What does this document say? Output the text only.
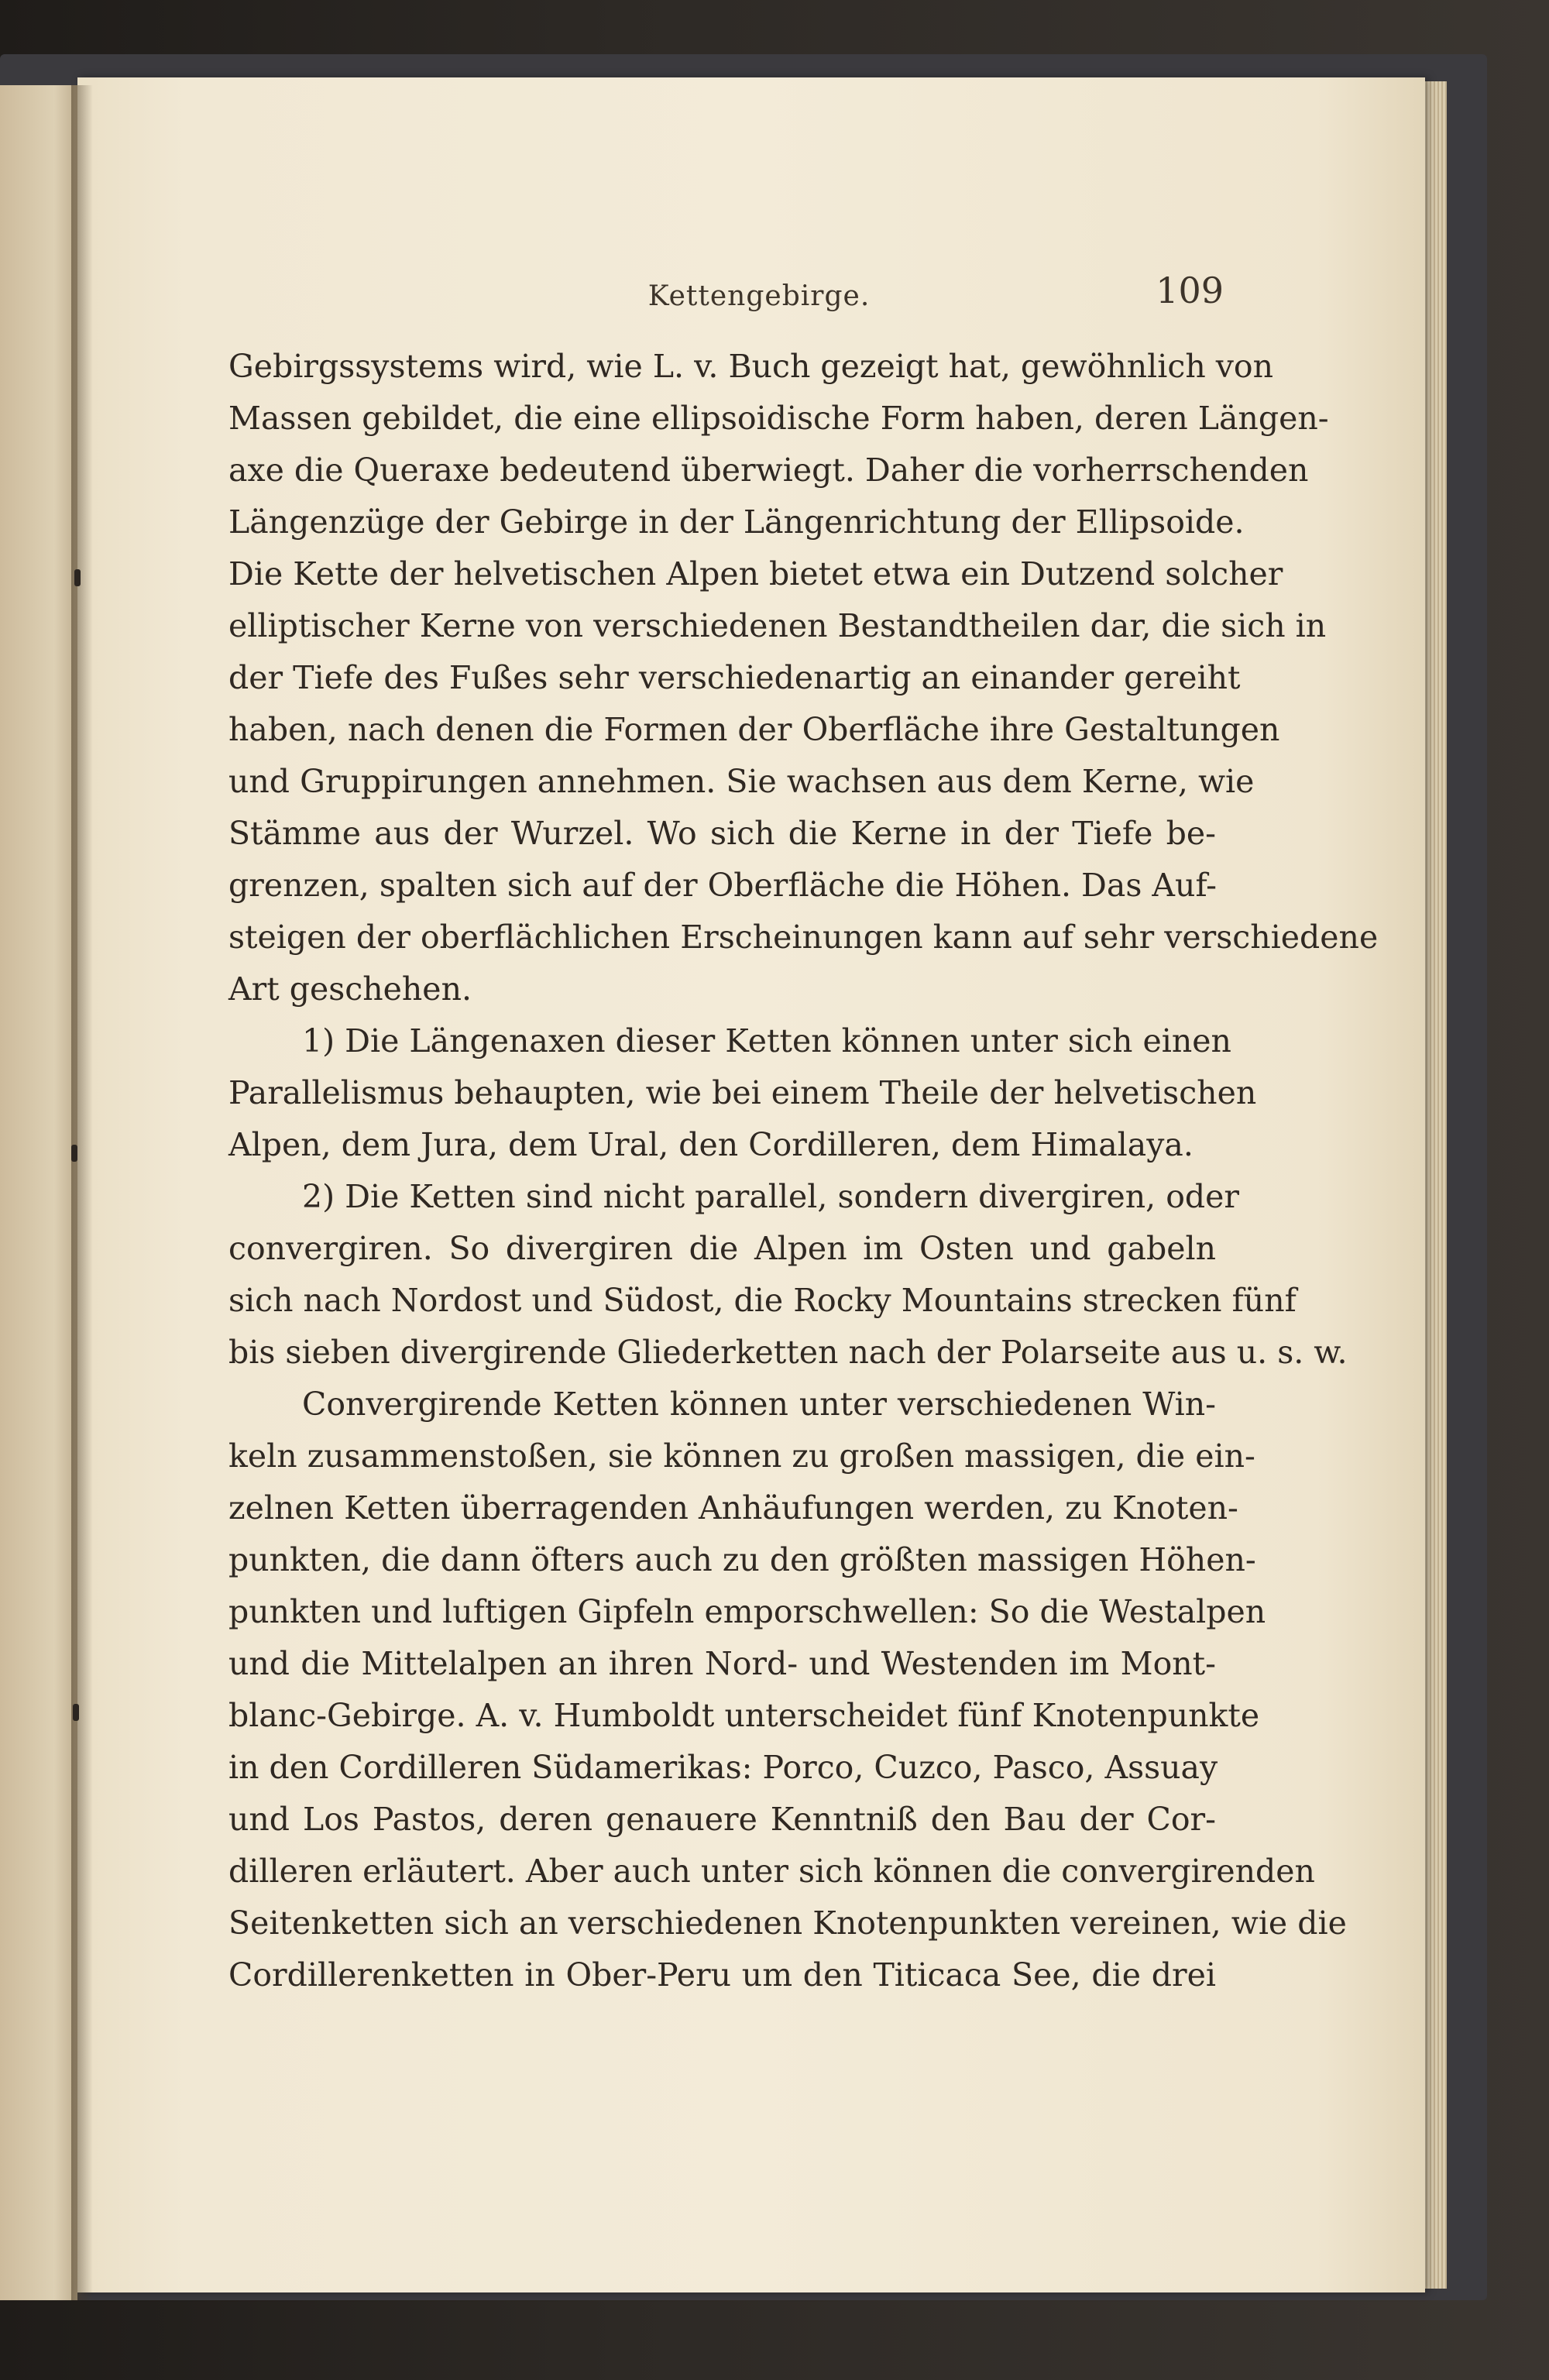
Kettengebirge.	109
Gebirgssystems wird, wie L. v. Buch gezeigt hat, gewöhnlich von
Massen gebildet, die eine ellipsoidische Form haben, deren Längen-
axe die Queraxe bedeutend überwiegt. Daher die vorherrschenden
Längenzüge der Gebirge in der Längenrichtung der Ellipsoide.
Die Kette der helvetischen Alpen bietet etwa ein Dutzend solcher
elliptischer Kerne von verschiedenen Bestandtheilen dar, die sich in
der Tiefe des Fußes sehr verschiedenartig an einander gereiht
haben, nach denen die Formen der Oberfläche ihre Gestaltungen
und Gruppirungen annehmen. Sie wachsen aus dem Kerne, wie
Stämme aus der Wurzel. Wo sich die Kerne in der Tiefe be-
grenzen, spalten sich auf der Oberfläche die Höhen. Das Auf-
steigen der oberflächlichen Erscheinungen kann auf sehr verschiedene
Art geschehen.
1) Die Längenaxen dieser Ketten können unter sich einen
Parallelismus behaupten, wie bei einem Theile der helvetischen
Alpen, dem Jura, dem Ural, den Cordilleren, dem Himalaya.
2) Die Ketten sind nicht parallel, sondern divergiren, oder
convergiren. So divergiren die Alpen im Osten und gabeln
sich nach Nordost und Südost, die Rocky Mountains strecken fünf
bis sieben divergirende Gliederketten nach der Polarseite aus u. s. w.
Convergirende Ketten können unter verschiedenen Win-
keln zusammenstoßen, sie können zu großen massigen, die ein-
zelnen Ketten überragenden Anhäufungen werden, zu Knoten-
punkten, die dann öfters auch zu den größten massigen Höhen-
punkten und luftigen Gipfeln emporschwellen: So die Westalpen
und die Mittelalpen an ihren Nord- und Westenden im Mont-
blanc-Gebirge. A. v. Humboldt unterscheidet fünf Knotenpunkte
in den Cordilleren Südamerikas: Porco, Cuzco, Pasco, Assuay
und Los Pastos, deren genauere Kenntniß den Bau der Cor-
dilleren erläutert. Aber auch unter sich können die convergirenden
Seitenketten sich an verschiedenen Knotenpunkten vereinen, wie die
Cordillerenketten in Ober-Peru um den Titicaca See, die drei
